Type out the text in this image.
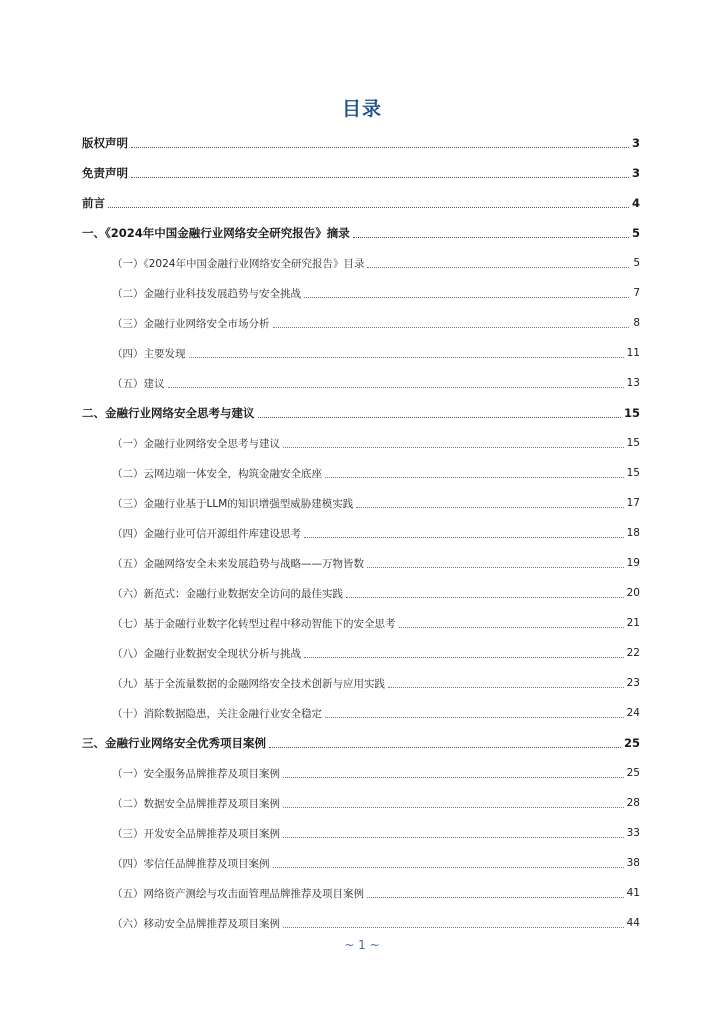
目录
版权声明	3
免责声明	3
前言	4
一、《2024年中国金融行业网络安全研究报告》摘录	5
（一）《2024年中国金融行业网络安全研究报告》目录	5
（二）金融行业科技发展趋势与安全挑战	7
（三）金融行业网络安全市场分析	8
（四）主要发现	11
（五）建议	13
二、金融行业网络安全思考与建议	15
（一）金融行业网络安全思考与建议	15
（二）云网边端一体安全，构筑金融安全底座	15
（三）金融行业基于LLM的知识增强型威胁建模实践	17
（四）金融行业可信开源组件库建设思考	18
（五）金融网络安全未来发展趋势与战略——万物皆数	19
（六）新范式：金融行业数据安全访问的最佳实践	20
（七）基于金融行业数字化转型过程中移动智能下的安全思考	21
（八）金融行业数据安全现状分析与挑战	22
（九）基于全流量数据的金融网络安全技术创新与应用实践	23
（十）消除数据隐患，关注金融行业安全稳定	24
三、金融行业网络安全优秀项目案例	25
（一）安全服务品牌推荐及项目案例	25
（二）数据安全品牌推荐及项目案例	28
（三）开发安全品牌推荐及项目案例	33
（四）零信任品牌推荐及项目案例	38
（五）网络资产测绘与攻击面管理品牌推荐及项目案例	41
（六）移动安全品牌推荐及项目案例	44
~ 1 ~
